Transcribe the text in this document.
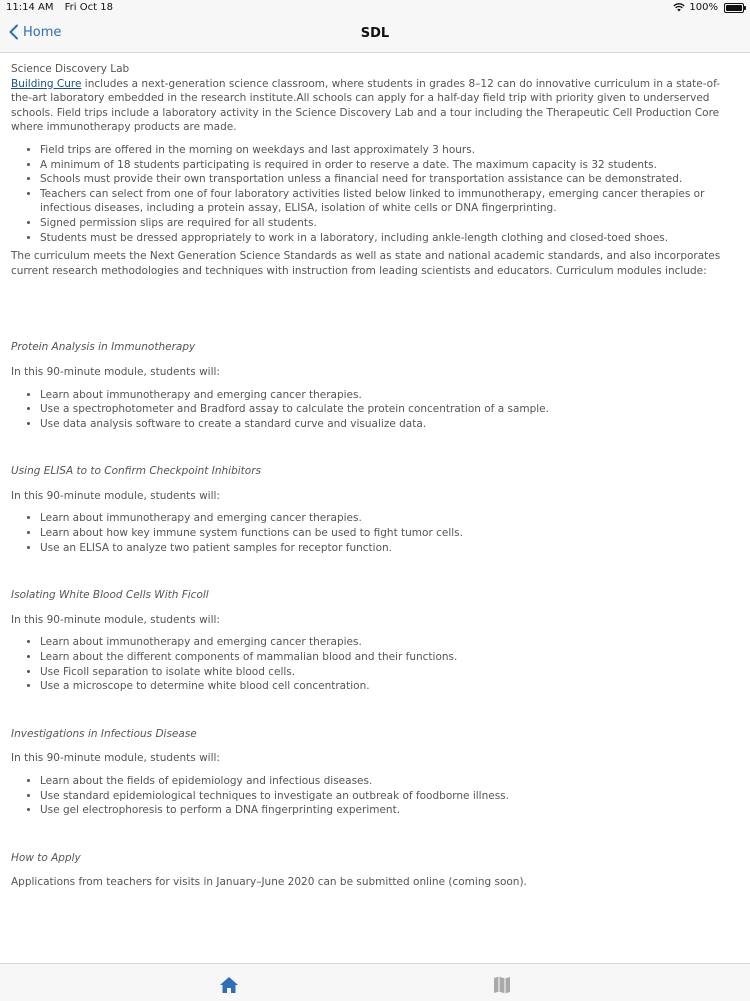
11:14 AM Fri Oct 18	100%
Home	SDL

Science Discovery Lab

Building Cure includes a next-generation science classroom, where students in grades 8–12 can do innovative curriculum in a state-of-the-art laboratory embedded in the research institute.All schools can apply for a half-day field trip with priority given to underserved schools. Field trips include a laboratory activity in the Science Discovery Lab and a tour including the Therapeutic Cell Production Core where immunotherapy products are made.

• Field trips are offered in the morning on weekdays and last approximately 3 hours.
• A minimum of 18 students participating is required in order to reserve a date. The maximum capacity is 32 students.
• Schools must provide their own transportation unless a financial need for transportation assistance can be demonstrated.
• Teachers can select from one of four laboratory activities listed below linked to immunotherapy, emerging cancer therapies or infectious diseases, including a protein assay, ELISA, isolation of white cells or DNA fingerprinting.
• Signed permission slips are required for all students.
• Students must be dressed appropriately to work in a laboratory, including ankle-length clothing and closed-toed shoes.

The curriculum meets the Next Generation Science Standards as well as state and national academic standards, and also incorporates current research methodologies and techniques with instruction from leading scientists and educators. Curriculum modules include:

Protein Analysis in Immunotherapy

In this 90-minute module, students will:

• Learn about immunotherapy and emerging cancer therapies.
• Use a spectrophotometer and Bradford assay to calculate the protein concentration of a sample.
• Use data analysis software to create a standard curve and visualize data.

Using ELISA to to Confirm Checkpoint Inhibitors

In this 90-minute module, students will:

• Learn about immunotherapy and emerging cancer therapies.
• Learn about how key immune system functions can be used to fight tumor cells.
• Use an ELISA to analyze two patient samples for receptor function.

Isolating White Blood Cells With Ficoll

In this 90-minute module, students will:

• Learn about immunotherapy and emerging cancer therapies.
• Learn about the different components of mammalian blood and their functions.
• Use Ficoll separation to isolate white blood cells.
• Use a microscope to determine white blood cell concentration.

Investigations in Infectious Disease

In this 90-minute module, students will:

• Learn about the fields of epidemiology and infectious diseases.
• Use standard epidemiological techniques to investigate an outbreak of foodborne illness.
• Use gel electrophoresis to perform a DNA fingerprinting experiment.

How to Apply

Applications from teachers for visits in January–June 2020 can be submitted online (coming soon).
